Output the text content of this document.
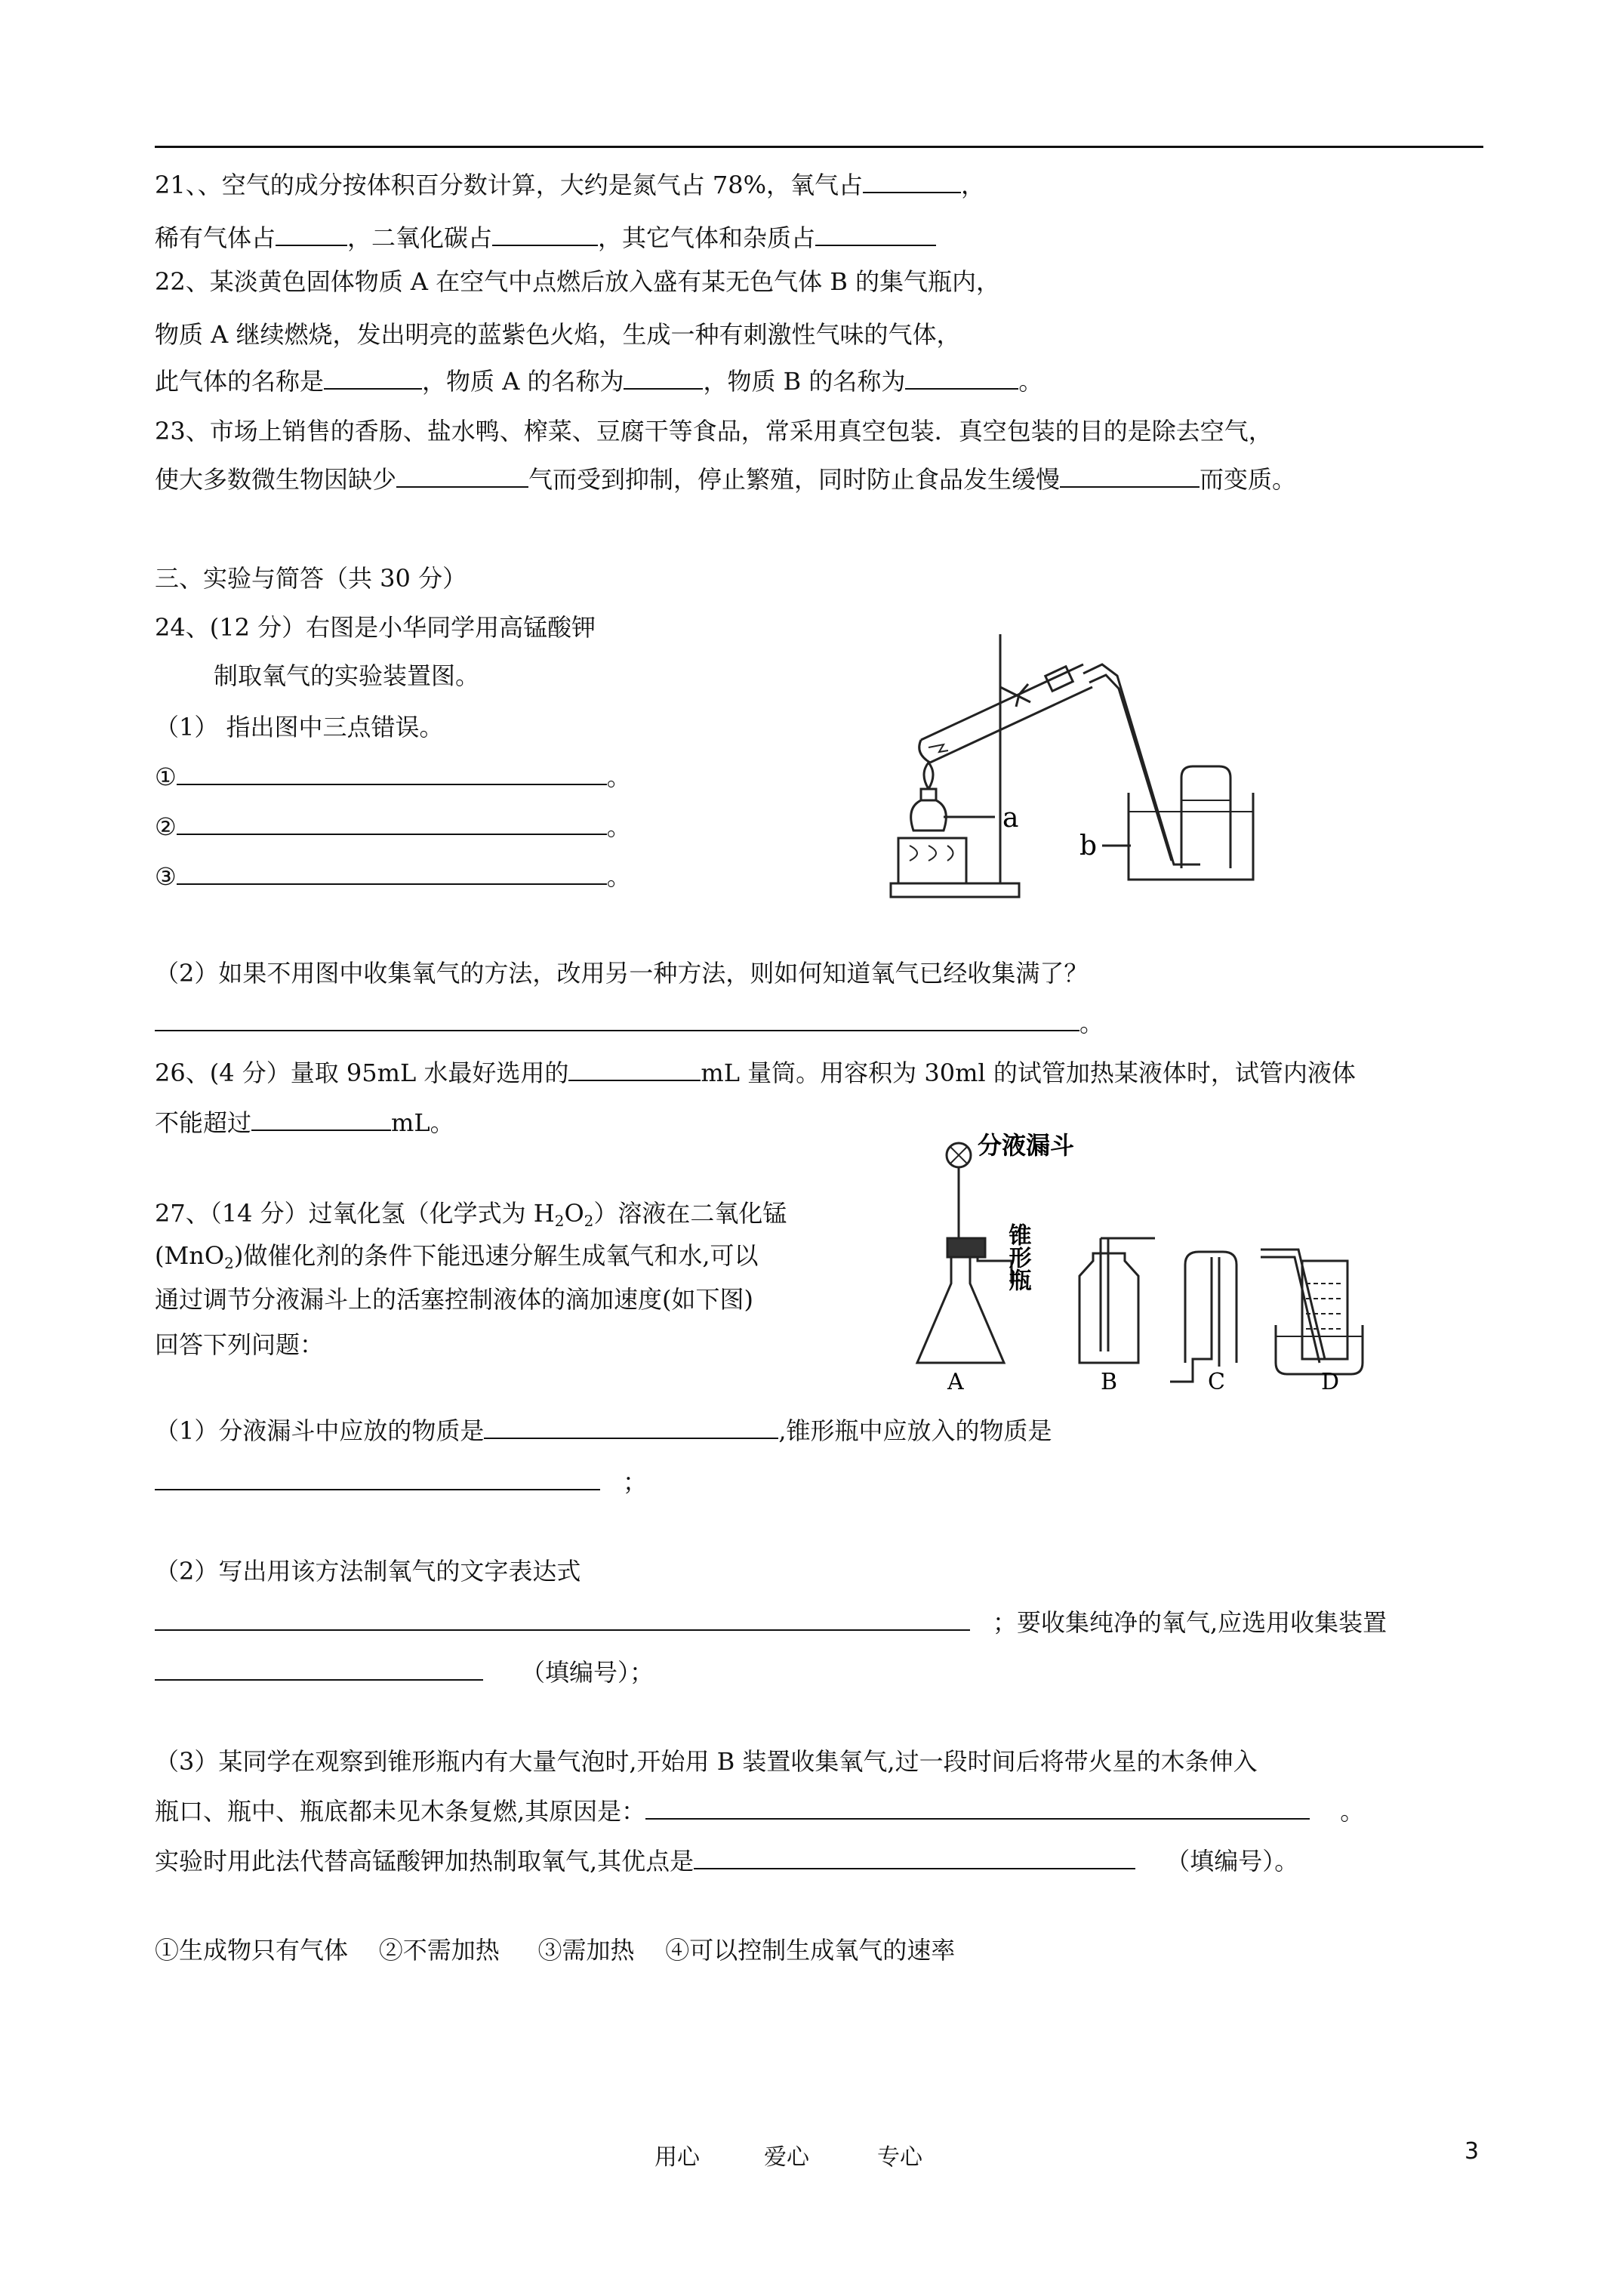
21、、空气的成分按体积百分数计算，大约是氮气占 78%，氧气占	，
稀有气体占	，二氧化碳占	，其它气体和杂质占
22、某淡黄色固体物质 A 在空气中点燃后放入盛有某无色气体 B 的集气瓶内，
物质 A 继续燃烧，发出明亮的蓝紫色火焰，生成一种有刺激性气味的气体，
此气体的名称是	，物质 A 的名称为	，物质 B 的名称为	。
23、市场上销售的香肠、盐水鸭、榨菜、豆腐干等食品，常采用真空包装．真空包装的目的是除去空气，
使大多数微生物因缺少	气而受到抑制，停止繁殖，同时防止食品发生缓慢	而变质。
三、实验与简答（共 30 分）
24、(12 分）右图是小华同学用高锰酸钾
制取氧气的实验装置图。
（1） 指出图中三点错误。
①	。
②	。
③	。
a
b
（2）如果不用图中收集氧气的方法，改用另一种方法，则如何知道氧气已经收集满了？
。
26、(4 分）量取 95mL 水最好选用的	mL 量筒。用容积为 30ml 的试管加热某液体时，试管内液体
不能超过	mL。
27、（14 分）过氧化氢（化学式为 $H_2O_2$）溶液在二氧化锰
(MnO$_2$)做催化剂的条件下能迅速分解生成氧气和水,可以
通过调节分液漏斗上的活塞控制液体的滴加速度(如下图)
回答下列问题：
分液漏斗
锥形瓶
A	B	C	D
（1）分液漏斗中应放的物质是	,锥形瓶中应放入的物质是
；
（2）写出用该方法制氧气的文字表达式
；要收集纯净的氧气,应选用收集装置
（填编号）；
（3）某同学在观察到锥形瓶内有大量气泡时,开始用 B 装置收集氧气,过一段时间后将带火星的木条伸入
瓶口、瓶中、瓶底都未见木条复燃,其原因是：	。
实验时用此法代替高锰酸钾加热制取氧气,其优点是	（填编号）。
①生成物只有气体    ②不需加热     ③需加热    ④可以控制生成氧气的速率
用心	爱心	专心	3
